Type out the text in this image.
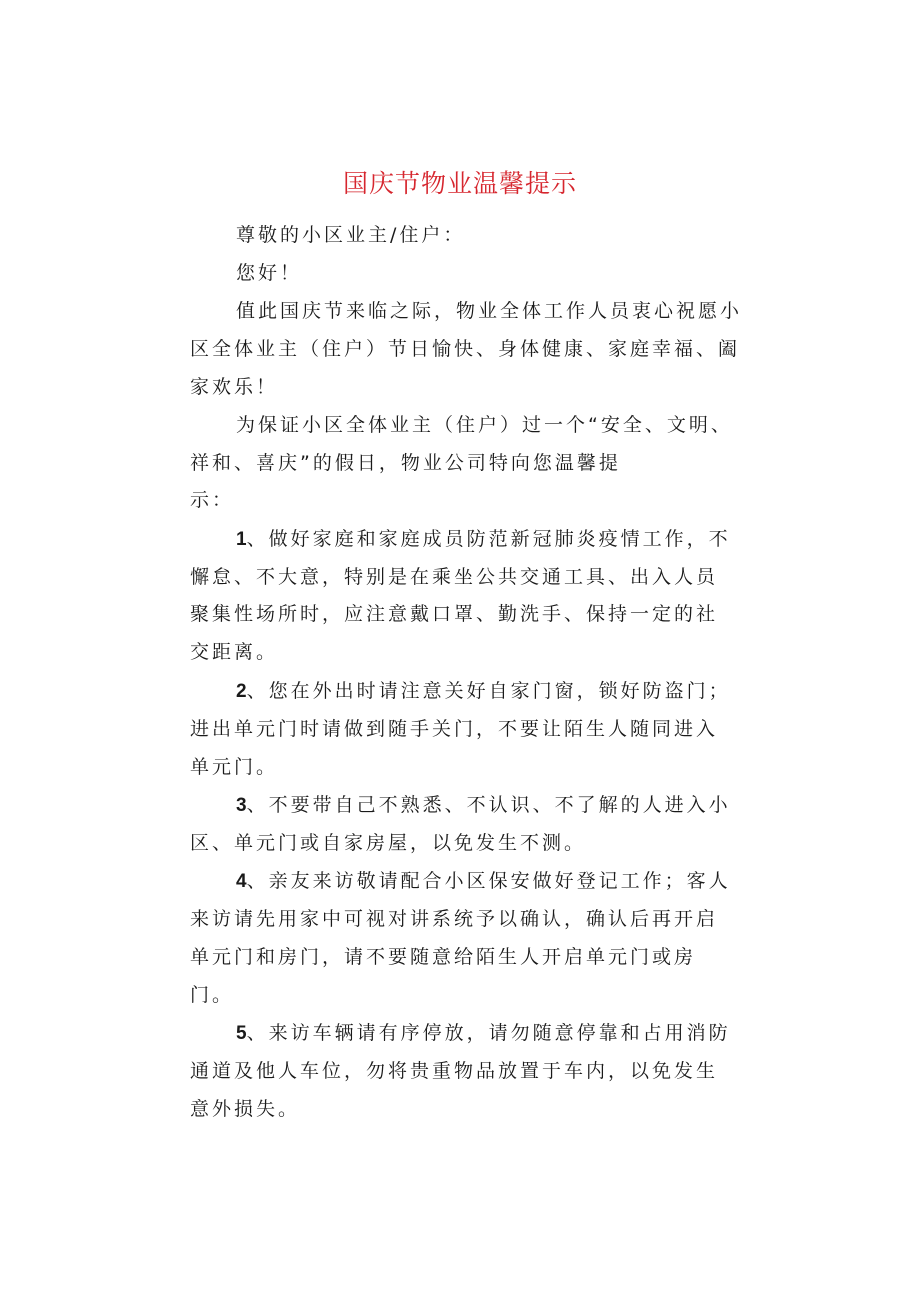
国庆节物业温馨提示
尊敬的小区业主/住户：
您好！
值此国庆节来临之际，物业全体工作人员衷心祝愿小
区全体业主（住户）节日愉快、身体健康、家庭幸福、阖
家欢乐！
为保证小区全体业主（住户）过一个“安全、文明、
祥和、喜庆”的假日，物业公司特向您温馨提
示：
1、做好家庭和家庭成员防范新冠肺炎疫情工作，不
懈怠、不大意，特别是在乘坐公共交通工具、出入人员
聚集性场所时，应注意戴口罩、勤洗手、保持一定的社
交距离。
2、您在外出时请注意关好自家门窗，锁好防盗门；
进出单元门时请做到随手关门，不要让陌生人随同进入
单元门。
3、不要带自己不熟悉、不认识、不了解的人进入小
区、单元门或自家房屋，以免发生不测。
4、亲友来访敬请配合小区保安做好登记工作；客人
来访请先用家中可视对讲系统予以确认，确认后再开启
单元门和房门，请不要随意给陌生人开启单元门或房
门。
5、来访车辆请有序停放，请勿随意停靠和占用消防
通道及他人车位，勿将贵重物品放置于车内，以免发生
意外损失。
